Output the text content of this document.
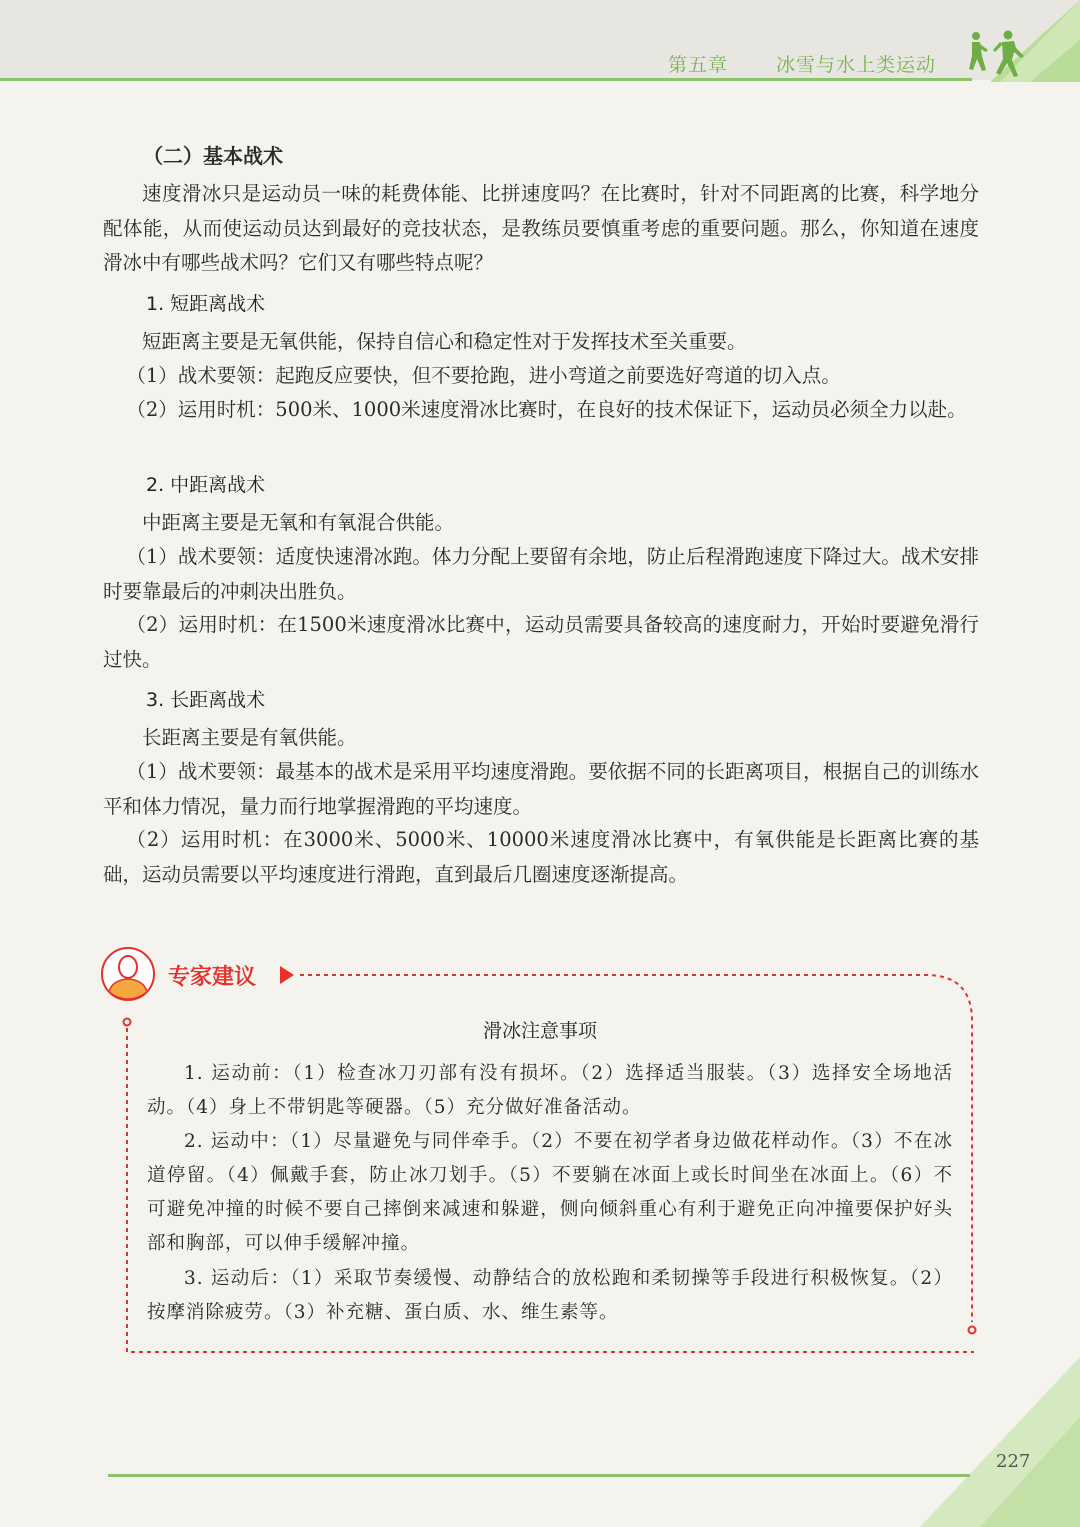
第五章	冰雪与水上类运动
（二）基本战术
速度滑冰只是运动员一味的耗费体能、比拼速度吗？在比赛时，针对不同距离的比赛，科学地分配体能，从而使运动员达到最好的竞技状态，是教练员要慎重考虑的重要问题。那么，你知道在速度滑冰中有哪些战术吗？它们又有哪些特点呢？
1. 短距离战术
短距离主要是无氧供能，保持自信心和稳定性对于发挥技术至关重要。
（1）战术要领：起跑反应要快，但不要抢跑，进小弯道之前要选好弯道的切入点。
（2）运用时机：500米、1000米速度滑冰比赛时，在良好的技术保证下，运动员必须全力以赴。
2. 中距离战术
中距离主要是无氧和有氧混合供能。
（1）战术要领：适度快速滑冰跑。体力分配上要留有余地，防止后程滑跑速度下降过大。战术安排时要靠最后的冲刺决出胜负。
（2）运用时机：在1500米速度滑冰比赛中，运动员需要具备较高的速度耐力，开始时要避免滑行过快。
3. 长距离战术
长距离主要是有氧供能。
（1）战术要领：最基本的战术是采用平均速度滑跑。要依据不同的长距离项目，根据自己的训练水平和体力情况，量力而行地掌握滑跑的平均速度。
（2）运用时机：在3000米、5000米、10000米速度滑冰比赛中，有氧供能是长距离比赛的基础，运动员需要以平均速度进行滑跑，直到最后几圈速度逐渐提高。
专家建议
滑冰注意事项
1. 运动前：（1）检查冰刀刃部有没有损坏。（2）选择适当服装。（3）选择安全场地活动。（4）身上不带钥匙等硬器。（5）充分做好准备活动。
2. 运动中：（1）尽量避免与同伴牵手。（2）不要在初学者身边做花样动作。（3）不在冰道停留。（4）佩戴手套，防止冰刀划手。（5）不要躺在冰面上或长时间坐在冰面上。（6）不可避免冲撞的时候不要自己摔倒来减速和躲避，侧向倾斜重心有利于避免正向冲撞要保护好头部和胸部，可以伸手缓解冲撞。
3. 运动后：（1）采取节奏缓慢、动静结合的放松跑和柔韧操等手段进行积极恢复。（2）按摩消除疲劳。（3）补充糖、蛋白质、水、维生素等。
227
